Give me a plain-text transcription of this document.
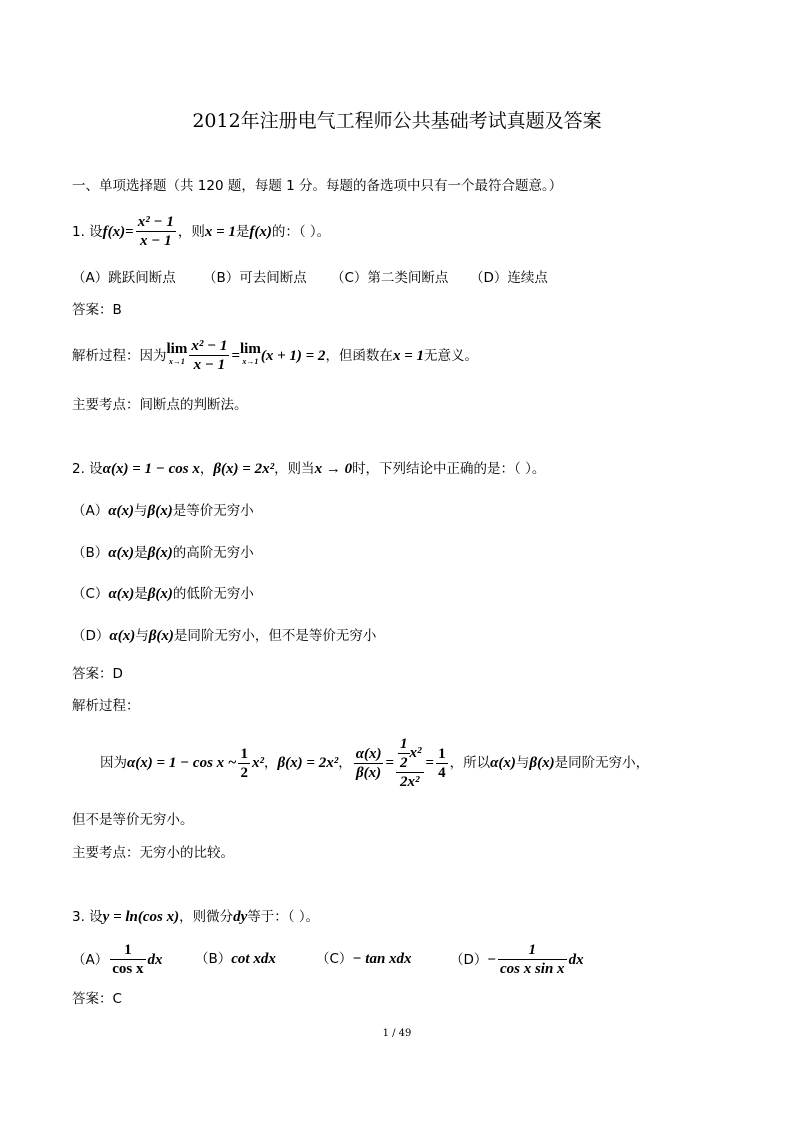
2012年注册电气工程师公共基础考试真题及答案
一、单项选择题（共 120 题，每题 1 分。每题的备选项中只有一个最符合题意。）
1. 设 $f(x) = \frac{\text{x² − 1}}{x - 1}$ ，则 x = 1 是 f(x) 的：（ ）。
（A）跳跃间断点 （B）可去间断点 （C）第二类间断点 （D）连续点
答案：B
解析过程：因为 lim
$x\to 1 \frac{\text{x² − 1}}{x - 1} = \lim$
x→1 (x + 1) = 2 ，但函数在 x = 1 无意义。
主要考点：间断点的判断法。
2. 设 α(x) = 1 − cos x ， β(x) = 2x² ，则当 x → 0 时，下列结论中正确的是：（ ）。
（A） α(x) 与 β(x) 是等价无穷小
（B） α(x) 是 β(x) 的高阶无穷小
（C） α(x) 是 β(x) 的低阶无穷小
（D） α(x) 与 β(x) 是同阶无穷小，但不是等价无穷小
答案：D
解析过程：
因为 α(x) = 1 − cos x ~ $\frac{1}{2} x^2$ ， β(x) = 2x² ， $\frac{\alpha(x)}{\beta(x)} = \frac{\frac{1}{2} x^2}{\text{2x²}} = \frac{1}{4}$ ，所以 α(x) 与 β(x) 是同阶无穷小，
但不是等价无穷小。
主要考点：无穷小的比较。
3. 设 y = ln(cos x) ，则微分 dy 等于：（ ）。
$(A) \frac{1}{\text{cos x}}$ dx （B） cot xdx	（C） − tan xdx	$(D) - \frac{1}{\text{cos x sin x}}$ dx
答案：C
1 / 49
